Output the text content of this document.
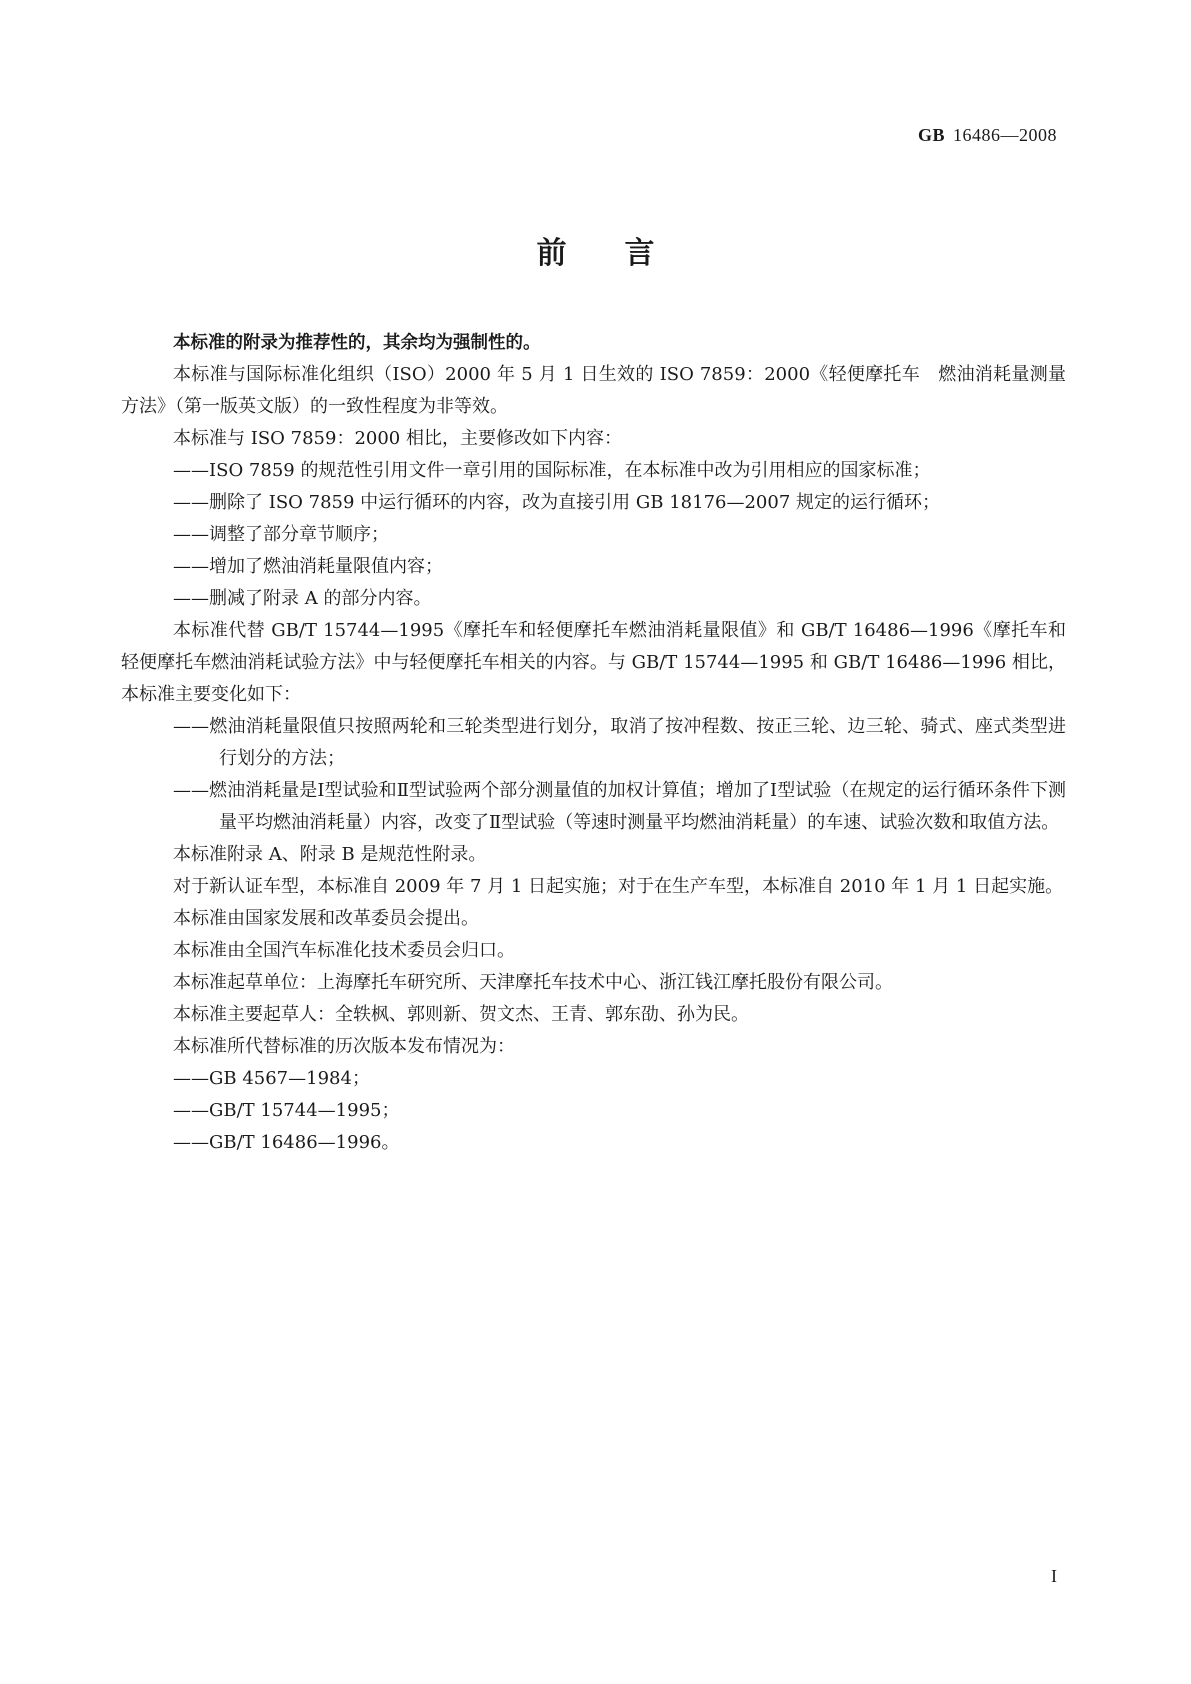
GB 16486—2008
前言

本标准的附录为推荐性的，其余均为强制性的。

本标准与国际标准化组织（ISO）2000 年 5 月 1 日生效的 ISO 7859：2000《轻便摩托车　燃油消耗量测量方法》（第一版英文版）的一致性程度为非等效。

本标准与 ISO 7859：2000 相比，主要修改如下内容：

——ISO 7859 的规范性引用文件一章引用的国际标准，在本标准中改为引用相应的国家标准；

——删除了 ISO 7859 中运行循环的内容，改为直接引用 GB 18176—2007 规定的运行循环；

——调整了部分章节顺序；

——增加了燃油消耗量限值内容；

——删减了附录 A 的部分内容。

本标准代替 GB/T 15744—1995《摩托车和轻便摩托车燃油消耗量限值》和 GB/T 16486—1996《摩托车和轻便摩托车燃油消耗试验方法》中与轻便摩托车相关的内容。与 GB/T 15744—1995 和 GB/T 16486—1996 相比，本标准主要变化如下：

——燃油消耗量限值只按照两轮和三轮类型进行划分，取消了按冲程数、按正三轮、边三轮、骑式、座式类型进行划分的方法；

——燃油消耗量是Ⅰ型试验和Ⅱ型试验两个部分测量值的加权计算值；增加了Ⅰ型试验（在规定的运行循环条件下测量平均燃油消耗量）内容，改变了Ⅱ型试验（等速时测量平均燃油消耗量）的车速、试验次数和取值方法。

本标准附录 A、附录 B 是规范性附录。

对于新认证车型，本标准自 2009 年 7 月 1 日起实施；对于在生产车型，本标准自 2010 年 1 月 1 日起实施。

本标准由国家发展和改革委员会提出。

本标准由全国汽车标准化技术委员会归口。

本标准起草单位：上海摩托车研究所、天津摩托车技术中心、浙江钱江摩托股份有限公司。

本标准主要起草人：全轶枫、郭则新、贺文杰、王青、郭东劭、孙为民。

本标准所代替标准的历次版本发布情况为：

——GB 4567—1984；

——GB/T 15744—1995；

——GB/T 16486—1996。

I
